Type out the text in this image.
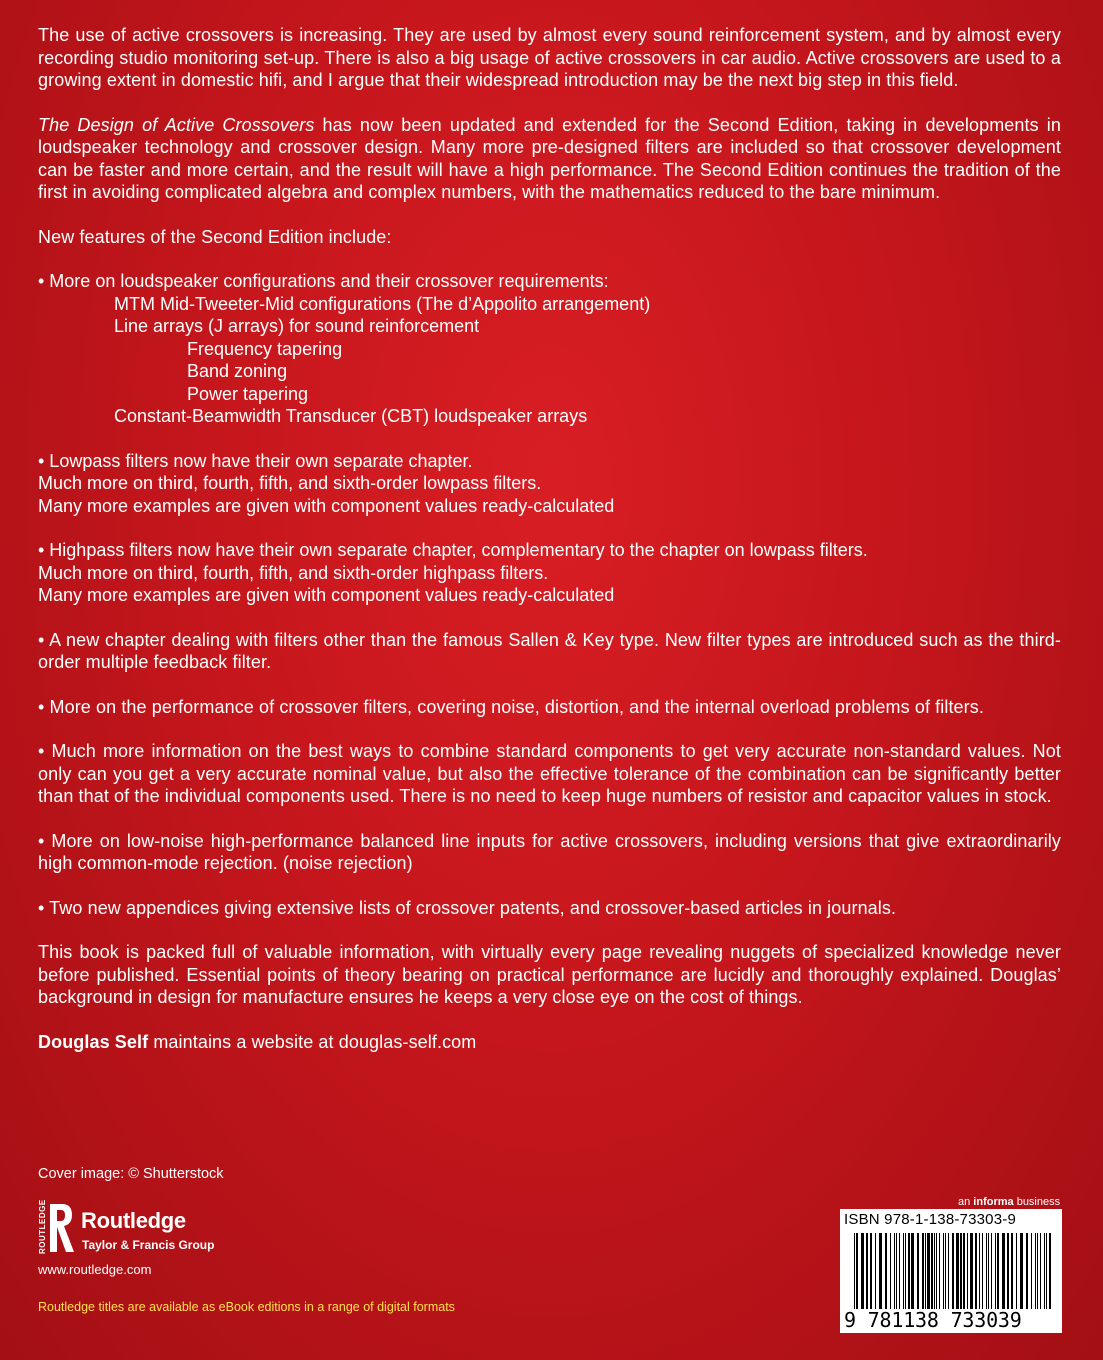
The use of active crossovers is increasing. They are used by almost every sound reinforcement system, and by almost every recording studio monitoring set-up. There is also a big usage of active crossovers in car audio. Active crossovers are used to a growing extent in domestic hifi, and I argue that their widespread introduction may be the next big step in this field.

The Design of Active Crossovers has now been updated and extended for the Second Edition, taking in developments in loudspeaker technology and crossover design. Many more pre-designed filters are included so that crossover development can be faster and more certain, and the result will have a high performance. The Second Edition continues the tradition of the first in avoiding complicated algebra and complex numbers, with the mathematics reduced to the bare minimum.

New features of the Second Edition include:

• More on loudspeaker configurations and their crossover requirements:

MTM Mid-Tweeter-Mid configurations (The d’Appolito arrangement)

Line arrays (J arrays) for sound reinforcement

Frequency tapering

Band zoning

Power tapering

Constant-Beamwidth Transducer (CBT) loudspeaker arrays

• Lowpass filters now have their own separate chapter.

Much more on third, fourth, fifth, and sixth-order lowpass filters.

Many more examples are given with component values ready-calculated

• Highpass filters now have their own separate chapter, complementary to the chapter on lowpass filters.

Much more on third, fourth, fifth, and sixth-order highpass filters.

Many more examples are given with component values ready-calculated

• A new chapter dealing with filters other than the famous Sallen & Key type. New filter types are introduced such as the third-order multiple feedback filter.

• More on the performance of crossover filters, covering noise, distortion, and the internal overload problems of filters.

• Much more information on the best ways to combine standard components to get very accurate non-standard values. Not only can you get a very accurate nominal value, but also the effective tolerance of the combination can be significantly better than that of the individual components used. There is no need to keep huge numbers of resistor and capacitor values in stock.

• More on low-noise high-performance balanced line inputs for active crossovers, including versions that give extraordinarily high common-mode rejection. (noise rejection)

• Two new appendices giving extensive lists of crossover patents, and crossover-based articles in journals.

This book is packed full of valuable information, with virtually every page revealing nuggets of specialized knowledge never before published. Essential points of theory bearing on practical performance are lucidly and thoroughly explained. Douglas’ background in design for manufacture ensures he keeps a very close eye on the cost of things.

Douglas Self maintains a website at douglas-self.com

Cover image: © Shutterstock
ROUTLEDGE Routledge
Taylor & Francis Group
www.routledge.com
Routledge titles are available as eBook editions in a range of digital formats
an informa business
ISBN 978-1-138-73303-9
9 781138 733039
